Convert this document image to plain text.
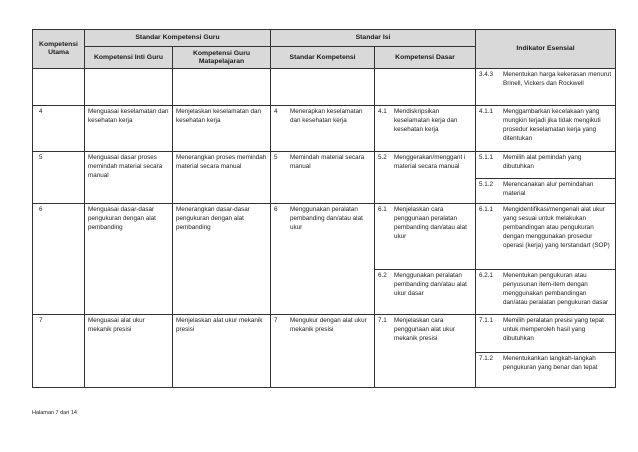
Kompetensi Utama	Standar Kompetensi Guru		Standar Isi		Indikator Esensial
	Kompetensi Inti Guru	Kompetensi Guru Matapelajaran	Standar Kompetensi	Kompetensi Dasar	

					3.4.3 Menentukan harga kekerasan menurut Brinell, Vickers dan Rockwell

4	Menguasai keselamatan dan kesehatan kerja	Menjelaskan keselamatan dan kesehatan kerja	4 Menerapkan keselamatan dan kesehatan kerja	4.1 Mendiskripsikan keselamatan kerja dan kesehatan kerja	4.1.1 Menggambarkan kecelakaan yang mungkin terjadi jika tidak mengikuti prosedur keselamatan kerja yang ditentukan

5	Menguasai dasar proses memindah material secara manual	Menerangkan proses memindah material secara manual	5 Memindah material secara manual	5.2 Menggerakan/menggant i material secara manual	5.1.1 Memilih alat pemindah yang dibutuhkan

					5.1.2 Merencanakan alur pemindahan material

6	Menguasai dasar-dasar pengukuran dengan alat pembanding	Menerangkan dasar-dasar pengukuran dengan alat pembanding	6 Menggunakan peralatan pembanding dan/atau alat ukur	6.1 Menjelaskan cara penggunaan peralatan pembanding dan/atau alat ukur	6.1.1 Mengidentifikasi/mengenali alat ukur yang sesuai untuk melakukan pembandingan atau pengukuran dengan menggunakan prosedur operasi (kerja) yang terstandart (SOP)

				6.2 Menggunakan peralatan pembanding dan/atau alat ukur dasar	6.2.1 Menentukan pengukuran atau penyusunan item-item dengan menggunakan pembandingan dan/atau peralatan pengukuran dasar

7	Menguasai alat ukur mekanik presisi	Menjelaskan alat ukur mekanik presisi	7 Mengukur dengan alat ukur mekanik presisi	7.1 Menjelaskan cara penggunaan alat ukur mekanik presisi	7.1.1 Memilih peralatan presisi yang tepat untuk memperoleh hasil yang dibutuhkan

					7.1.2 Menentukankan langkah-langkah pengukuran yang benar dan tepat
Halaman 7 dari 14
